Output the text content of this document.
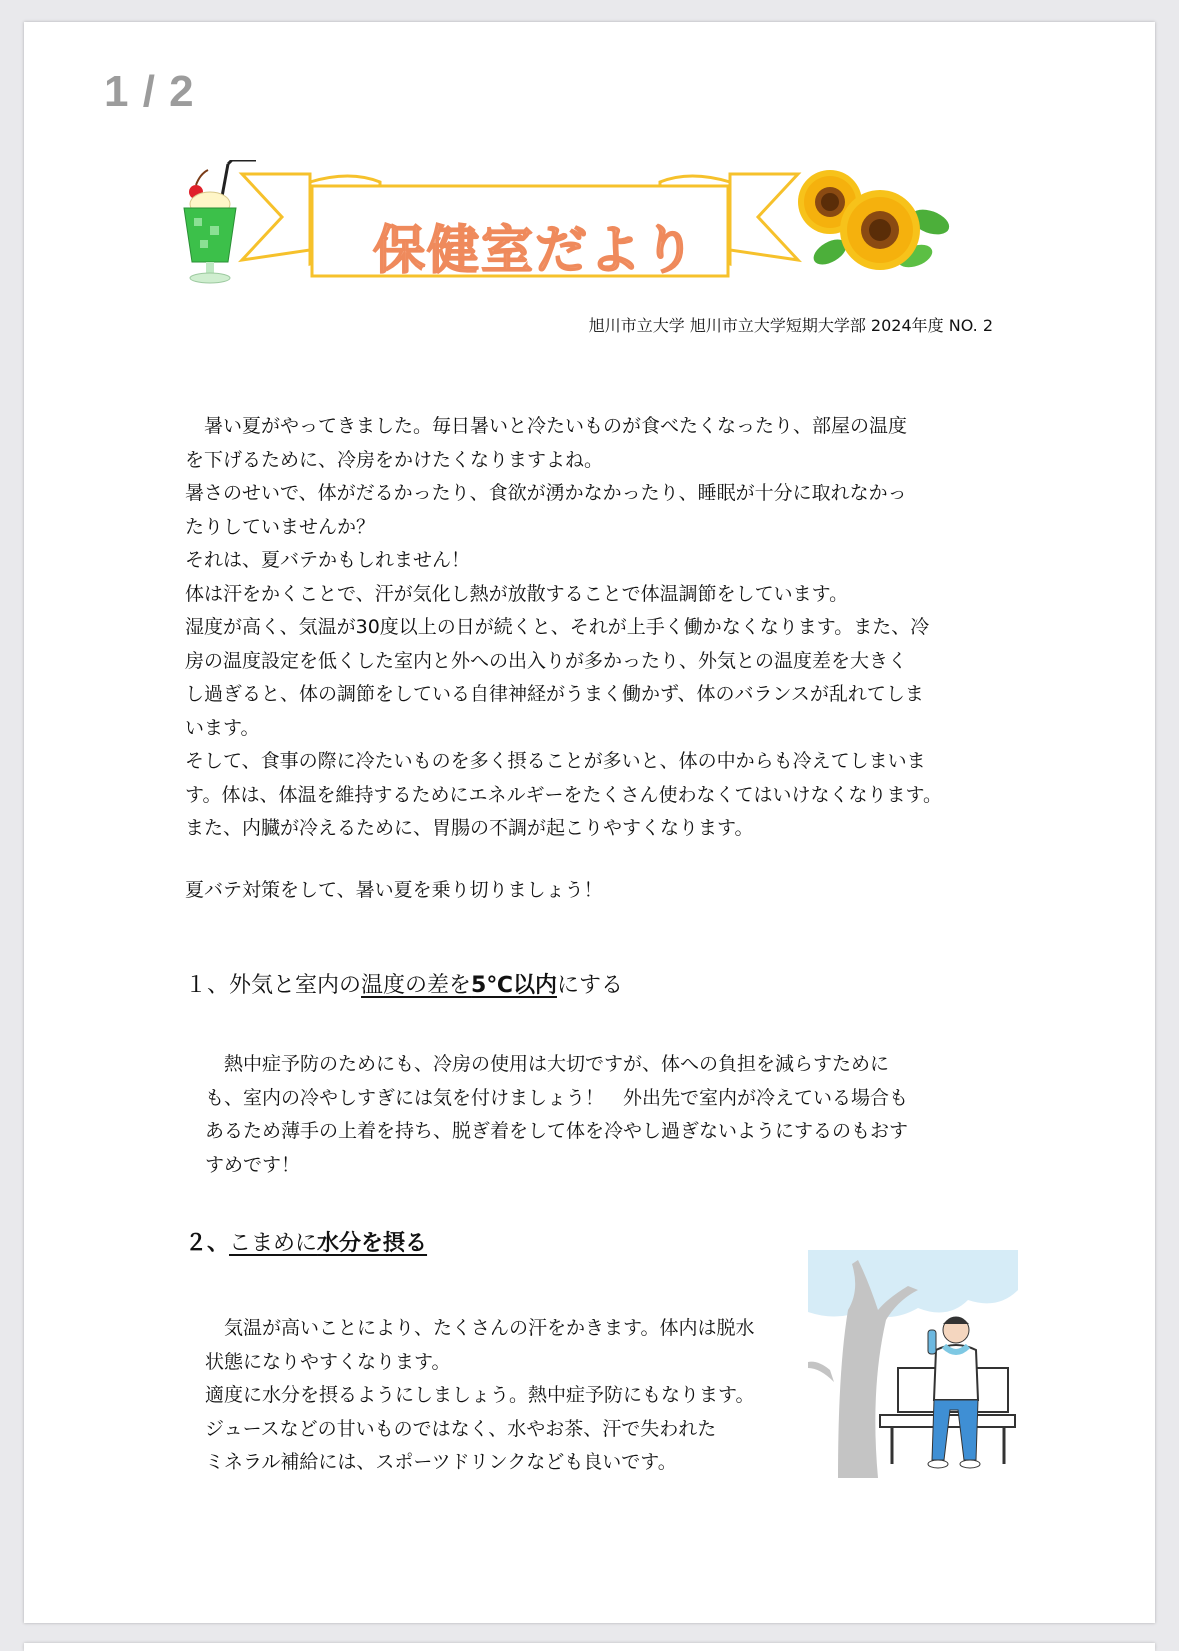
1 / 2
保健室だより
旭川市立大学 旭川市立大学短期大学部 2024年度 NO. 2

　暑い夏がやってきました。毎日暑いと冷たいものが食べたくなったり、部屋の温度

を下げるために、冷房をかけたくなりますよね。

暑さのせいで、体がだるかったり、食欲が湧かなかったり、睡眠が十分に取れなかっ

たりしていませんか？

それは、夏バテかもしれません！

体は汗をかくことで、汗が気化し熱が放散することで体温調節をしています。

湿度が高く、気温が30度以上の日が続くと、それが上手く働かなくなります。また、冷

房の温度設定を低くした室内と外への出入りが多かったり、外気との温度差を大きく

し過ぎると、体の調節をしている自律神経がうまく働かず、体のバランスが乱れてしま

います。

そして、食事の際に冷たいものを多く摂ることが多いと、体の中からも冷えてしまいま

す。体は、体温を維持するためにエネルギーをたくさん使わなくてはいけなくなります。

また、内臓が冷えるために、胃腸の不調が起こりやすくなります。

夏バテ対策をして、暑い夏を乗り切りましょう！

１、外気と室内の温度の差を5℃以内にする

　熱中症予防のためにも、冷房の使用は大切ですが、体への負担を減らすために

も、室内の冷やしすぎには気を付けましょう！　外出先で室内が冷えている場合も

あるため薄手の上着を持ち、脱ぎ着をして体を冷やし過ぎないようにするのもおす

すめです！

２、こまめに水分を摂る

　気温が高いことにより、たくさんの汗をかきます。体内は脱水

状態になりやすくなります。

適度に水分を摂るようにしましょう。熱中症予防にもなります。

ジュースなどの甘いものではなく、水やお茶、汗で失われた

ミネラル補給には、スポーツドリンクなども良いです。
